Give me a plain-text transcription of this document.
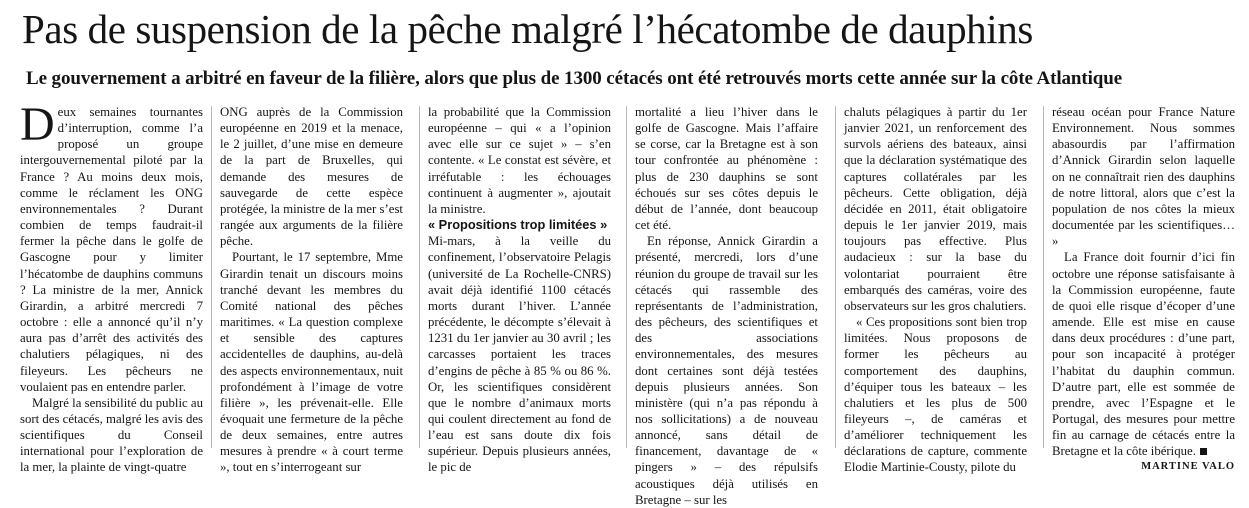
Pas de suspension de la pêche malgré l’hécatombe de dauphins
Le gouvernement a arbitré en faveur de la filière, alors que plus de 1300 cétacés ont été retrouvés morts cette année sur la côte Atlantique
D eux semaines tournantes d’interruption, comme l’a proposé un groupe intergouvernemental piloté par la France ? Au moins deux mois, comme le réclament les ONG environnementales ? Durant combien de temps faudrait-il fermer la pêche dans le golfe de Gascogne pour y limiter l’hécatombe de dauphins communs ? La ministre de la mer, Annick Girardin, a arbitré mercredi 7 octobre : elle a annoncé qu’il n’y aura pas d’arrêt des activités des chalutiers pélagiques, ni des fileyeurs. Les pêcheurs ne voulaient pas en entendre parler.

Malgré la sensibilité du public au sort des cétacés, malgré les avis des scientifiques du Conseil international pour l’exploration de la mer, la plainte de vingt-quatre

ONG auprès de la Commission européenne en 2019 et la menace, le 2 juillet, d’une mise en demeure de la part de Bruxelles, qui demande des mesures de sauvegarde de cette espèce protégée, la ministre de la mer s’est rangée aux arguments de la filière pêche.

Pourtant, le 17 septembre, Mme Girardin tenait un discours moins tranché devant les membres du Comité national des pêches maritimes. « La question complexe et sensible des captures accidentelles de dauphins, au-delà des aspects environnementaux, nuit profondément à l’image de votre filière », les prévenait-elle. Elle évoquait une fermeture de la pêche de deux semaines, entre autres mesures à prendre « à court terme », tout en s’interrogeant sur

la probabilité que la Commission européenne – qui « a l’opinion avec elle sur ce sujet » – s’en contente. « Le constat est sévère, et irréfutable : les échouages continuent à augmenter », ajoutait la ministre.

« Propositions trop limitées »

Mi-mars, à la veille du confinement, l’observatoire Pelagis (université de La Rochelle-CNRS) avait déjà identifié 1100 cétacés morts durant l’hiver. L’année précédente, le décompte s’élevait à 1231 du 1er janvier au 30 avril ; les carcasses portaient les traces d’engins de pêche à 85 % ou 86 %. Or, les scientifiques considèrent que le nombre d’animaux morts qui coulent directement au fond de l’eau est sans doute dix fois supérieur. Depuis plusieurs années, le pic de

mortalité a lieu l’hiver dans le golfe de Gascogne. Mais l’affaire se corse, car la Bretagne est à son tour confrontée au phénomène : plus de 230 dauphins se sont échoués sur ses côtes depuis le début de l’année, dont beaucoup cet été.

En réponse, Annick Girardin a présenté, mercredi, lors d’une réunion du groupe de travail sur les cétacés qui rassemble des représentants de l’administration, des pêcheurs, des scientifiques et des associations environnementales, des mesures dont certaines sont déjà testées depuis plusieurs années. Son ministère (qui n’a pas répondu à nos sollicitations) a de nouveau annoncé, sans détail de financement, davantage de « pingers » – des répulsifs acoustiques déjà utilisés en Bretagne – sur les

chaluts pélagiques à partir du 1er janvier 2021, un renforcement des survols aériens des bateaux, ainsi que la déclaration systématique des captures collatérales par les pêcheurs. Cette obligation, déjà décidée en 2011, était obligatoire depuis le 1er janvier 2019, mais toujours pas effective. Plus audacieux : sur la base du volontariat pourraient être embarqués des caméras, voire des observateurs sur les gros chalutiers.

« Ces propositions sont bien trop limitées. Nous proposons de former les pêcheurs au comportement des dauphins, d’équiper tous les bateaux – les chalutiers et les plus de 500 fileyeurs –, de caméras et d’améliorer techniquement les déclarations de capture, commente Elodie Martinie-Cousty, pilote du

réseau océan pour France Nature Environnement. Nous sommes abasourdis par l’affirmation d’Annick Girardin selon laquelle on ne connaîtrait rien des dauphins de notre littoral, alors que c’est la population de nos côtes la mieux documentée par les scientifiques… »

La France doit fournir d’ici fin octobre une réponse satisfaisante à la Commission européenne, faute de quoi elle risque d’écoper d’une amende. Elle est mise en cause dans deux procédures : d’une part, pour son incapacité à protéger l’habitat du dauphin commun. D’autre part, elle est sommée de prendre, avec l’Espagne et le Portugal, des mesures pour mettre fin au carnage de cétacés entre la Bretagne et la côte ibérique.

MARTINE VALO
